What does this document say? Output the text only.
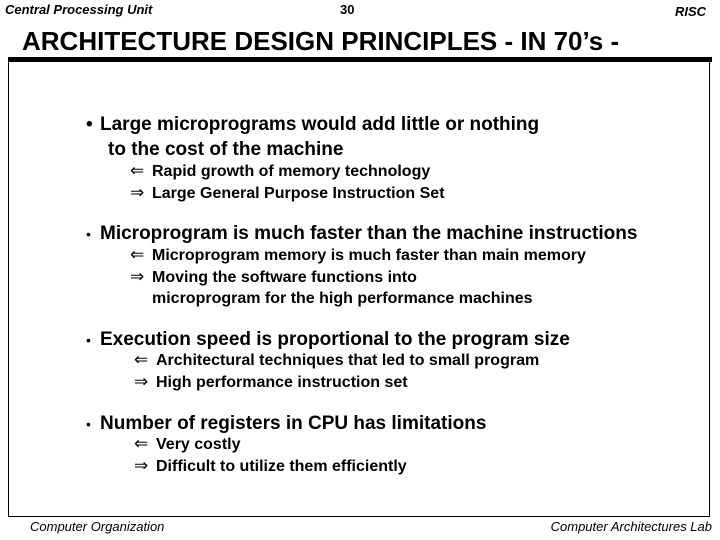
Central Processing Unit	30	RISC
ARCHITECTURE DESIGN PRINCIPLES - IN 70’s -
• Large microprograms would add little or nothing
to the cost of the machine
⇐ Rapid growth of memory technology
⇒ Large General Purpose Instruction Set
• Microprogram is much faster than the machine instructions
⇐ Microprogram memory is much faster than main memory
⇒ Moving the software functions into
microprogram for the high performance machines
• Execution speed is proportional to the program size
⇐ Architectural techniques that led to small program
⇒ High performance instruction set
• Number of registers in CPU has limitations
⇐ Very costly
⇒ Difficult to utilize them efficiently
Computer Organization	Computer Architectures Lab
